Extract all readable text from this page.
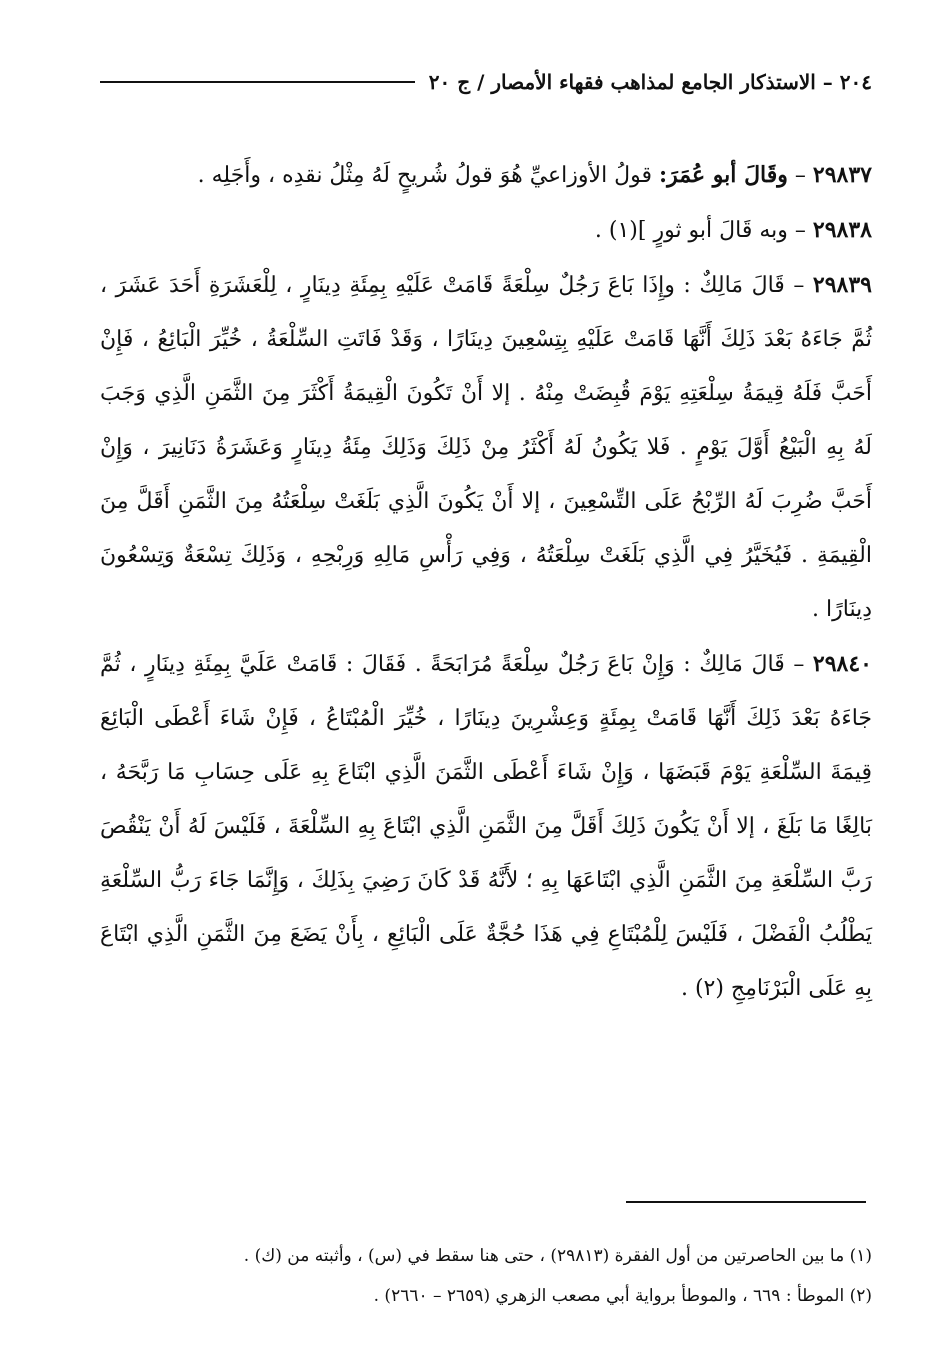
٢٠٤ – الاستذكار الجامع لمذاهب فقهاء الأمصار / ج ٢٠

٢٩٨٣٧ – وقَالَ أبو عُمَرَ: قولُ الأوزاعيِّ هُوَ قولُ شُريحٍ لَهُ مِثْلُ نقدِه ، وأَجَلِه .

٢٩٨٣٨ – وبه قَالَ أبو ثورٍ ](١) .

٢٩٨٣٩ – قَالَ مَالِكٌ : وإِذَا بَاعَ رَجُلٌ سِلْعَةً قَامَتْ عَلَيْهِ بِمِئَةِ دِينَارٍ ، لِلْعَشَرَةِ أَحَدَ عَشَرَ ، ثُمَّ جَاءَهُ بَعْدَ ذَلِكَ أَنَّهَا قَامَتْ عَلَيْهِ بِتِسْعِينَ دِينَارًا ، وَقَدْ فَاتَتِ السِّلْعَةُ ، خُيِّرَ الْبَائِعُ ، فَإِنْ أَحَبَّ فَلَهُ قِيمَةُ سِلْعَتِهِ يَوْمَ قُبِضَتْ مِنْهُ . إلا أَنْ تَكُونَ الْقِيمَةُ أَكْثَرَ مِنَ الثَّمَنِ الَّذِي وَجَبَ لَهُ بِهِ الْبَيْعُ أَوَّلَ يَوْمٍ . فَلا يَكُونُ لَهُ أَكْثَرُ مِنْ ذَلِكَ وَذَلِكَ مِئَةُ دِينَارٍ وَعَشَرَةُ دَنَانِيرَ ، وَإِنْ أَحَبَّ ضُرِبَ لَهُ الرِّبْحُ عَلَى التِّسْعِينَ ، إلا أَنْ يَكُونَ الَّذِي بَلَغَتْ سِلْعَتُهُ مِنَ الثَّمَنِ أَقَلَّ مِنَ الْقِيمَةِ . فَيُخَيَّرُ فِي الَّذِي بَلَغَتْ سِلْعَتُهُ ، وَفِي رَأْسِ مَالِهِ وَرِبْحِهِ ، وَذَلِكَ تِسْعَةٌ وَتِسْعُونَ دِينَارًا .

٢٩٨٤٠ – قَالَ مَالِكٌ : وَإِنْ بَاعَ رَجُلٌ سِلْعَةً مُرَابَحَةً . فَقَالَ : قَامَتْ عَلَيَّ بِمِئَةِ دِينَارٍ ، ثُمَّ جَاءَهُ بَعْدَ ذَلِكَ أَنَّهَا قَامَتْ بِمِئَةٍ وَعِشْرِينَ دِينَارًا ، خُيِّرَ الْمُبْتَاعُ ، فَإِنْ شَاءَ أَعْطَى الْبَائِعَ قِيمَةَ السِّلْعَةِ يَوْمَ قَبَضَهَا ، وَإِنْ شَاءَ أَعْطَى الثَّمَنَ الَّذِي ابْتَاعَ بِهِ عَلَى حِسَابِ مَا رَبَّحَهُ ، بَالِغًا مَا بَلَغَ ، إلا أَنْ يَكُونَ ذَلِكَ أَقَلَّ مِنَ الثَّمَنِ الَّذِي ابْتَاعَ بِهِ السِّلْعَةَ ، فَلَيْسَ لَهُ أَنْ يَنْقُصَ رَبَّ السِّلْعَةِ مِنَ الثَّمَنِ الَّذِي ابْتَاعَهَا بِهِ ؛ لأَنَّهُ قَدْ كَانَ رَضِيَ بِذَلِكَ ، وَإِنَّمَا جَاءَ رَبُّ السِّلْعَةِ يَطْلُبُ الْفَضْلَ ، فَلَيْسَ لِلْمُبْتَاعِ فِي هَذَا حُجَّةٌ عَلَى الْبَائِعِ ، بِأَنْ يَضَعَ مِنَ الثَّمَنِ الَّذِي ابْتَاعَ بِهِ عَلَى الْبَرْنَامِجِ (٢) .

(١) ما بين الحاصرتين من أول الفقرة (٢٩٨١٣) ، حتى هنا سقط في (س) ، وأثبته من (ك) .

(٢) الموطأ : ٦٦٩ ، والموطأ برواية أبي مصعب الزهري (٢٦٥٩ – ٢٦٦٠) .
